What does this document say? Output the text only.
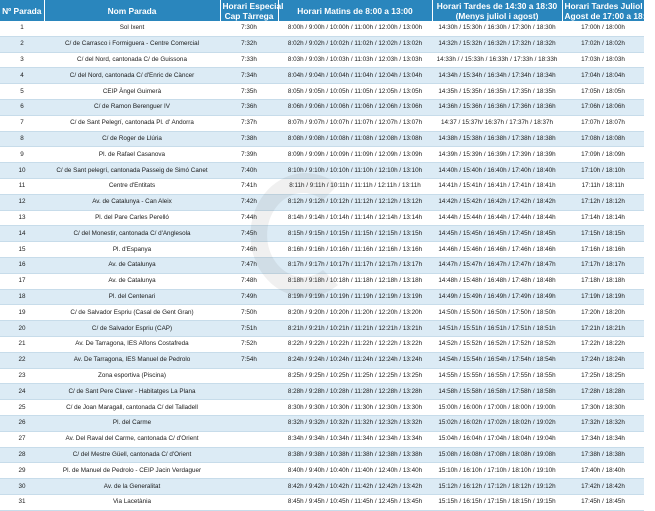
Nº Parada	Nom Parada	Horari Especial
Cap Tàrrega	Horari Matins de 8:00 a 13:00	Horari Tardes de 14:30 a 18:30
(Menys juliol i agost)	Horari Tardes Juliol i
Agost de 17:00 a 18:00
1	Sol Ixent	7:30h	8:00h / 9:00h / 10:00h / 11:00h / 12:00h / 13:00h	14:30h / 15:30h / 16:30h / 17:30h / 18:30h	17:00h / 18:00h
2	C/ de Carrasco i Formiguera - Centre Comercial	7:32h	8:02h / 9:02h / 10:02h / 11:02h / 12:02h / 13:02h	14:32h / 15:32h / 16:32h / 17:32h / 18:32h	17:02h / 18:02h
3	C/ del Nord, cantonada C/ de Guissona	7:33h	8:03h / 9:03h / 10:03h / 11:03h / 12:03h / 13:03h	14:33h / / 15:33h / 16:33h / 17:33h / 18:33h	17:03h / 18:03h
4	C/ del Nord, cantonada C/ d'Enric de Càncer	7:34h	8:04h / 9:04h / 10:04h / 11:04h / 12:04h / 13:04h	14:34h / 15:34h / 16:34h / 17:34h / 18:34h	17:04h / 18:04h
5	CEIP Àngel Guimerà	7:35h	8:05h / 9:05h / 10:05h / 11:05h / 12:05h / 13:05h	14:35h / 15:35h / 16:35h / 17:35h / 18:35h	17:05h / 18:05h
6	C/ de Ramon Berenguer IV	7:36h	8:06h / 9:06h / 10:06h / 11:06h / 12:06h / 13:06h	14:36h / 15:36h / 16:36h / 17:36h / 18:36h	17:06h / 18:06h
7	C/ de Sant Pelegrí, cantonada Pl. d' Andorra	7:37h	8:07h / 9:07h / 10:07h / 11:07h / 12:07h / 13:07h	14:37 / 15:37h/ 16:37h / 17:37h / 18:37h	17:07h / 18:07h
8	C/ de Roger de Llúria	7:38h	8:08h / 9:08h / 10:08h / 11:08h / 12:08h / 13:08h	14:38h / 15:38h / 16:38h / 17:38h / 18:38h	17:08h / 18:08h
9	Pl. de Rafael Casanova	7:39h	8:09h / 9:09h / 10:09h / 11:09h / 12:09h / 13:09h	14:39h / 15:39h / 16:39h / 17:39h / 18:39h	17:09h / 18:09h
10	C/ de Sant pelegrí, cantonada Passeig de Simó Canet	7:40h	8:10h / 9:10h / 10:10h / 11:10h / 12:10h / 13:10h	14:40h / 15:40h / 16:40h / 17:40h / 18:40h	17:10h / 18:10h
11	Centre d'Entitats	7:41h	8:11h / 9:11h / 10:11h / 11:11h / 12:11h / 13:11h	14:41h / 15:41h / 16:41h / 17:41h / 18:41h	17:11h / 18:11h
12	Av. de Catalunya - Can Aleix	7:42h	8:12h / 9:12h / 10:12h / 11:12h / 12:12h / 13:12h	14:42h / 15:42h / 16:42h / 17:42h / 18:42h	17:12h / 18:12h
13	Pl. del Pare Carles Perelló	7:44h	8:14h / 9:14h / 10:14h / 11:14h / 12:14h / 13:14h	14:44h / 15:44h / 16:44h / 17:44h / 18:44h	17:14h / 18:14h
14	C/ del Monestir, cantonada C/ d'Anglesola	7:45h	8:15h / 9:15h / 10:15h / 11:15h / 12:15h / 13:15h	14:45h / 15:45h / 16:45h / 17:45h / 18:45h	17:15h / 18:15h
15	Pl. d'Espanya	7:46h	8:16h / 9:16h / 10:16h / 11:16h / 12:16h / 13:16h	14:46h / 15:46h / 16:46h / 17:46h / 18:46h	17:16h / 18:16h
16	Av. de Catalunya	7:47h	8:17h / 9:17h / 10:17h / 11:17h / 12:17h / 13:17h	14:47h / 15:47h / 16:47h / 17:47h / 18:47h	17:17h / 18:17h
17	Av. de Catalunya	7:48h	8:18h / 9:18h / 10:18h / 11:18h / 12:18h / 13:18h	14:48h / 15:48h / 16:48h / 17:48h / 18:48h	17:18h / 18:18h
18	Pl. del Centenari	7:49h	8:19h / 9:19h / 10:19h / 11:19h / 12:19h / 13:19h	14:49h / 15:49h / 16:49h / 17:49h / 18:49h	17:19h / 18:19h
19	C/ de Salvador Espriu (Casal de Gent Gran)	7:50h	8:20h / 9:20h / 10:20h / 11:20h / 12:20h / 13:20h	14:50h / 15:50h / 16:50h / 17:50h / 18:50h	17:20h / 18:20h
20	C/ de Salvador Espriu (CAP)	7:51h	8:21h / 9:21h / 10:21h / 11:21h / 12:21h / 13:21h	14:51h / 15:51h / 16:51h / 17:51h / 18:51h	17:21h / 18:21h
21	Av. De Tarragona, IES Alfons Costafreda	7:52h	8:22h / 9:22h / 10:22h / 11:22h / 12:22h / 13:22h	14:52h / 15:52h / 16:52h / 17:52h / 18:52h	17:22h / 18:22h
22	Av. De Tarragona, IES Manuel de Pedrolo	7:54h	8:24h / 9:24h / 10:24h / 11:24h / 12:24h / 13:24h	14:54h / 15:54h / 16:54h / 17:54h / 18:54h	17:24h / 18:24h
23	Zona esportiva (Piscina)		8:25h / 9:25h / 10:25h / 11:25h / 12:25h / 13:25h	14:55h / 15:55h / 16:55h / 17:55h / 18:55h	17:25h / 18:25h
24	C/ de Sant Pere Claver - Habitatges La Plana		8:28h / 9:28h / 10:28h / 11:28h / 12:28h / 13:28h	14:58h / 15:58h / 16:58h / 17:58h / 18:58h	17:28h / 18:28h
25	C/ de Joan Maragall, cantonada C/ del Talladell		8:30h / 9:30h / 10:30h / 11:30h / 12:30h / 13:30h	15:00h / 16:00h / 17:00h / 18:00h / 19:00h	17:30h / 18:30h
26	Pl. del Carme		8:32h / 9:32h / 10:32h / 11:32h / 12:32h / 13:32h	15:02h / 16:02h / 17:02h / 18:02h / 19:02h	17:32h / 18:32h
27	Av. Del Raval del Carme, cantonada C/ d'Orient		8:34h / 9:34h / 10:34h / 11:34h / 12:34h / 13:34h	15:04h / 16:04h / 17:04h / 18:04h / 19:04h	17:34h / 18:34h
28	C/ del Mestre Güell, cantonada C/ d'Orient		8:38h / 9:38h / 10:38h / 11:38h / 12:38h / 13:38h	15:08h / 16:08h / 17:08h / 18:08h / 19:08h	17:38h / 18:38h
29	Pl. de Manuel de Pedrolo - CEIP Jacin Verdaguer		8:40h / 9:40h / 10:40h / 11:40h / 12:40h / 13:40h	15:10h / 16:10h / 17:10h / 18:10h / 19:10h	17:40h / 18:40h
30	Av. de la Generalitat		8:42h / 9:42h / 10:42h / 11:42h / 12:42h / 13:42h	15:12h / 16:12h / 17:12h / 18:12h / 19:12h	17:42h / 18:42h
31	Via Lacetània		8:45h / 9:45h / 10:45h / 11:45h / 12:45h / 13:45h	15:15h / 16:15h / 17:15h / 18:15h / 19:15h	17:45h / 18:45h
